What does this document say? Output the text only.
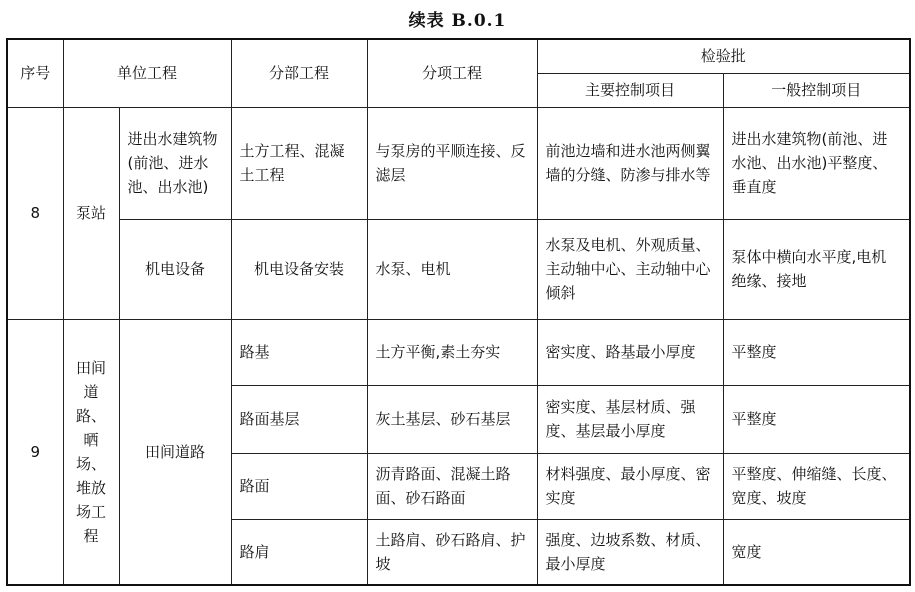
续表 B.0.1
序号	单位工程		分部工程	分项工程	检验批	
					主要控制项目	一般控制项目
8	泵站	进出水建筑物(前池、进水池、出水池)	土方工程、混凝土工程	与泵房的平顺连接、反滤层	前池边墙和进水池两侧翼墙的分缝、防渗与排水等	进出水建筑物(前池、进水池、出水池)平整度、垂直度
		机电设备	机电设备安装	水泵、电机	水泵及电机、外观质量、主动轴中心、主动轴中心倾斜	泵体中横向水平度,电机绝缘、接地
9	田间道路、晒场、堆放场工程	田间道路	路基	土方平衡,素土夯实	密实度、路基最小厚度	平整度
			路面基层	灰土基层、砂石基层	密实度、基层材质、强度、基层最小厚度	平整度
			路面	沥青路面、混凝土路面、砂石路面	材料强度、最小厚度、密实度	平整度、伸缩缝、长度、宽度、坡度
			路肩	土路肩、砂石路肩、护坡	强度、边坡系数、材质、最小厚度	宽度
